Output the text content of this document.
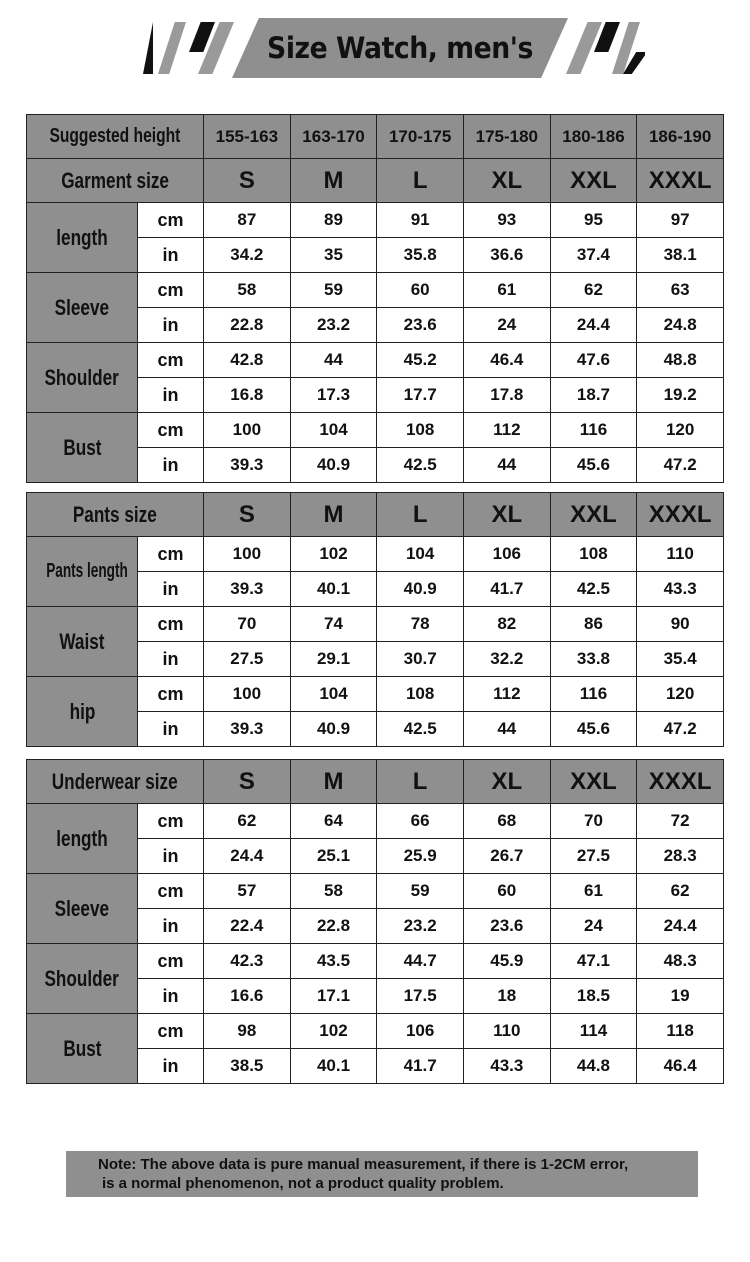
Size Watch, men's
Suggested height		155-163	163-170	170-175	175-180	180-186	186-190
Garment size		S	M	L	XL	XXL	XXXL
length	cm	87	89	91	93	95	97
	in	34.2	35	35.8	36.6	37.4	38.1
Sleeve	cm	58	59	60	61	62	63
	in	22.8	23.2	23.6	24	24.4	24.8
Shoulder	cm	42.8	44	45.2	46.4	47.6	48.8
	in	16.8	17.3	17.7	17.8	18.7	19.2
Bust	cm	100	104	108	112	116	120
	in	39.3	40.9	42.5	44	45.6	47.2
Pants size		S	M	L	XL	XXL	XXXL
Pants length	cm	100	102	104	106	108	110
	in	39.3	40.1	40.9	41.7	42.5	43.3
Waist	cm	70	74	78	82	86	90
	in	27.5	29.1	30.7	32.2	33.8	35.4
hip	cm	100	104	108	112	116	120
	in	39.3	40.9	42.5	44	45.6	47.2
Underwear size		S	M	L	XL	XXL	XXXL
length	cm	62	64	66	68	70	72
	in	24.4	25.1	25.9	26.7	27.5	28.3
Sleeve	cm	57	58	59	60	61	62
	in	22.4	22.8	23.2	23.6	24	24.4
Shoulder	cm	42.3	43.5	44.7	45.9	47.1	48.3
	in	16.6	17.1	17.5	18	18.5	19
Bust	cm	98	102	106	110	114	118
	in	38.5	40.1	41.7	43.3	44.8	46.4
Note: The above data is pure manual measurement, if there is 1-2CM error,
is a normal phenomenon, not a product quality problem.
